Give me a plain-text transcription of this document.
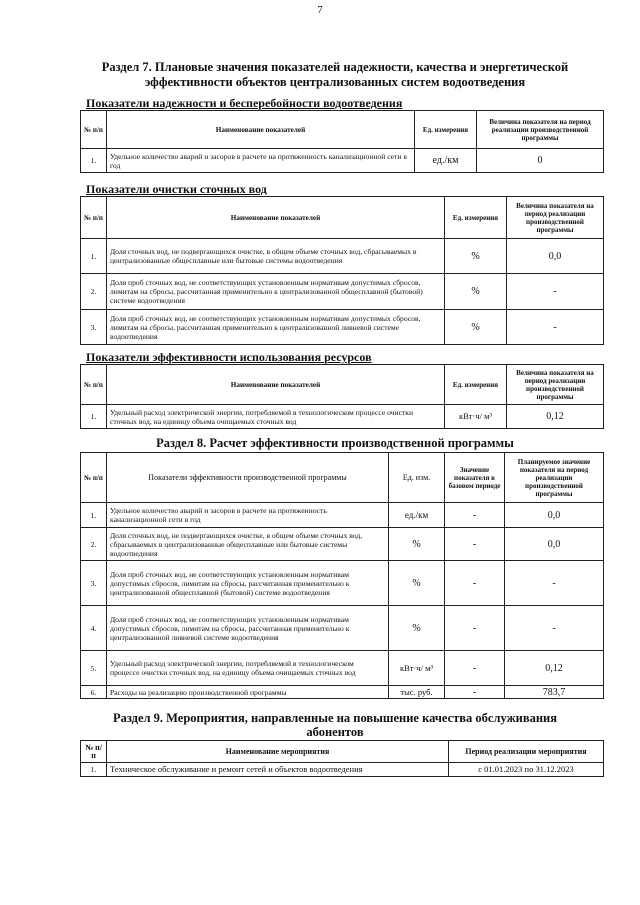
7
Раздел 7. Плановые значения показателей надежности, качества и энергетической
эффективности объектов централизованных систем водоотведения
Показатели надежности и бесперебойности водоотведения
№ п/п	Наименование показателей	Ед. измерения	Величина показателя на период реализации производственной программы
1.	Удельное количество аварий и засоров в расчете на протяженность канализационной сети в год	ед./км	0
Показатели очистки сточных вод
№ п/п	Наименование показателей	Ед. измерения	Величина показателя на период реализации производственной программы
1.	Доля сточных вод, не подвергающихся очистке, в общем объеме сточных вод, сбрасываемых в централизованные общесплавные или бытовые системы водоотведения	%	0,0
2.	Доля проб сточных вод, не соответствующих установленным нормативам допустимых сбросов, лимитам на сбросы, рассчитанная применительно к централизованной общесплавной (бытовой) системе водоотведения	%	-
3.	Доля проб сточных вод, не соответствующих установленным нормативам допустимых сбросов, лимитам на сбросы, рассчитанная применительно к централизованной ливневой системе водоотведения	%	-
Показатели эффективности использования ресурсов
№ п/п	Наименование показателей	Ед. измерения	Величина показателя на период реализации производственной программы
1.	Удельный расход электрической энергии, потребляемой в технологическом процессе очистки сточных вод, на единицу объема очищаемых сточных вод	кВт·ч/ м³	0,12
Раздел 8. Расчет эффективности производственной программы
№ п/п	Показатели эффективности производственной программы	Ед. изм.	Значение показателя в базовом периоде	Планируемое значение показателя на период реализации производственной программы
1.	Удельное количество аварий и засоров в расчете на протяженность канализационной сети в год	ед./км	-	0,0
2.	Доля сточных вод, не подвергающихся очистке, в общем объеме сточных вод, сбрасываемых в централизованные общесплавные или бытовые системы водоотведения	%	-	0,0
3.	Доля проб сточных вод, не соответствующих установленным нормативам допустимых сбросов, лимитам на сбросы, рассчитанная применительно к централизованной общесплавной (бытовой) системе водоотведения	%	-	-
4.	Доля проб сточных вод, не соответствующих установленным нормативам допустимых сбросов, лимитам на сбросы, рассчитанная применительно к централизованной ливневой системе водоотведения	%	-	-
5.	Удельный расход электрической энергии, потребляемой в технологическом процессе очистки сточных вод, на единицу объема очищаемых сточных вод	кВт·ч/ м³	-	0,12
6.	Расходы на реализацию производственной программы	тыс. руб.	-	783,7
Раздел 9. Мероприятия, направленные на повышение качества обслуживания
абонентов
№ п/п	Наименование мероприятия	Период реализации мероприятия
1.	Техническое обслуживание и ремонт сетей и объектов водоотведения	с 01.01.2023 по 31.12.2023
